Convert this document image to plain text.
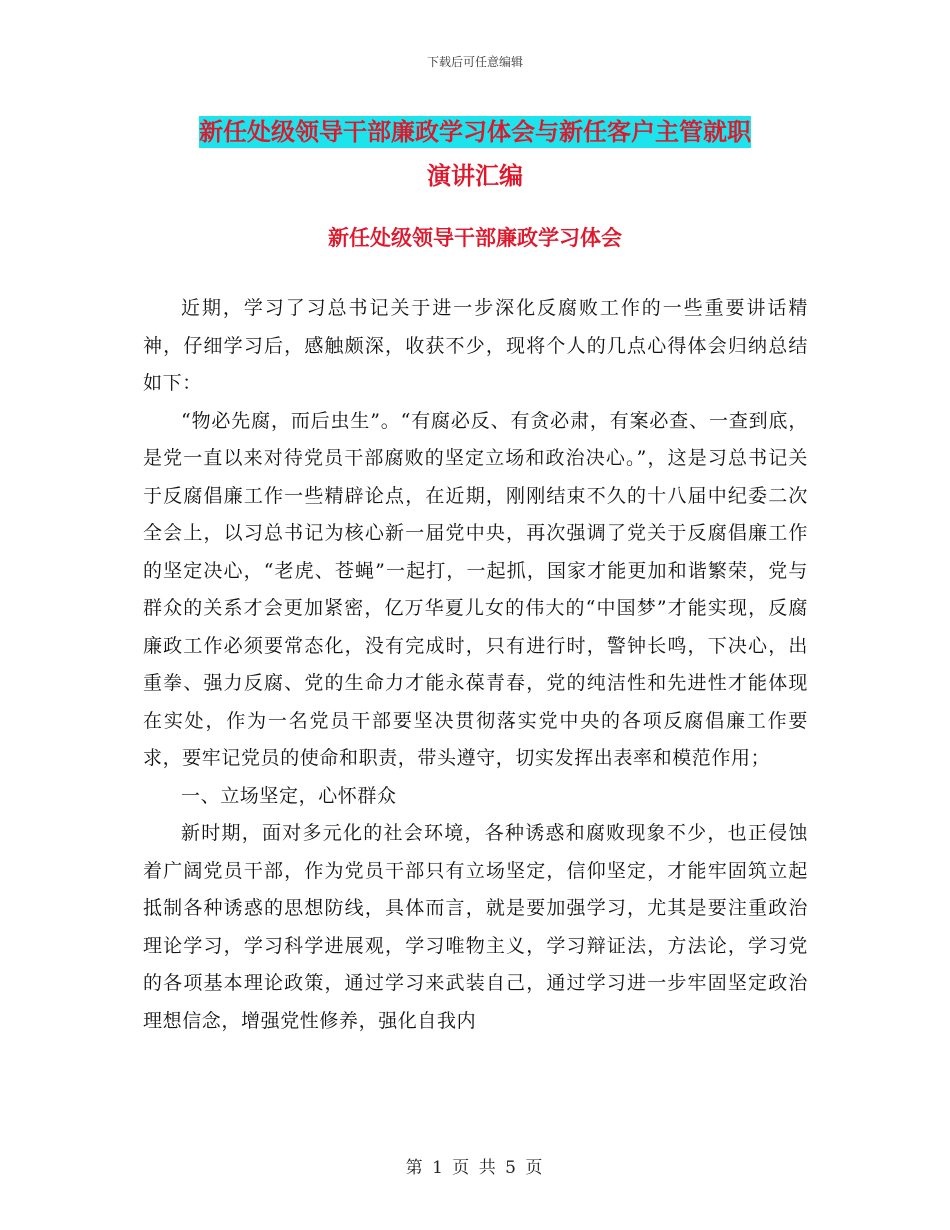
下载后可任意编辑
新任处级领导干部廉政学习体会与新任客户主管就职
演讲汇编
新任处级领导干部廉政学习体会

近期，学习了习总书记关于进一步深化反腐败工作的一些重要讲话精神，仔细学习后，感触颇深，收获不少，现将个人的几点心得体会归纳总结如下：

“物必先腐，而后虫生”。“有腐必反、有贪必肃，有案必查、一查到底，是党一直以来对待党员干部腐败的坚定立场和政治决心。”，这是习总书记关于反腐倡廉工作一些精辟论点，在近期，刚刚结束不久的十八届中纪委二次全会上，以习总书记为核心新一届党中央，再次强调了党关于反腐倡廉工作的坚定决心，“老虎、苍蝇”一起打，一起抓，国家才能更加和谐繁荣，党与群众的关系才会更加紧密，亿万华夏儿女的伟大的“中国梦”才能实现，反腐廉政工作必须要常态化，没有完成时，只有进行时，警钟长鸣，下决心，出重拳、强力反腐、党的生命力才能永葆青春，党的纯洁性和先进性才能体现在实处，作为一名党员干部要坚决贯彻落实党中央的各项反腐倡廉工作要求，要牢记党员的使命和职责，带头遵守，切实发挥出表率和模范作用；

一、立场坚定，心怀群众

新时期，面对多元化的社会环境，各种诱惑和腐败现象不少，也正侵蚀着广阔党员干部，作为党员干部只有立场坚定，信仰坚定，才能牢固筑立起抵制各种诱惑的思想防线，具体而言，就是要加强学习，尤其是要注重政治理论学习，学习科学进展观，学习唯物主义，学习辩证法，方法论，学习党的各项基本理论政策，通过学习来武装自己，通过学习进一步牢固坚定政治理想信念，增强党性修养，强化自我内

第 1 页 共 5 页
